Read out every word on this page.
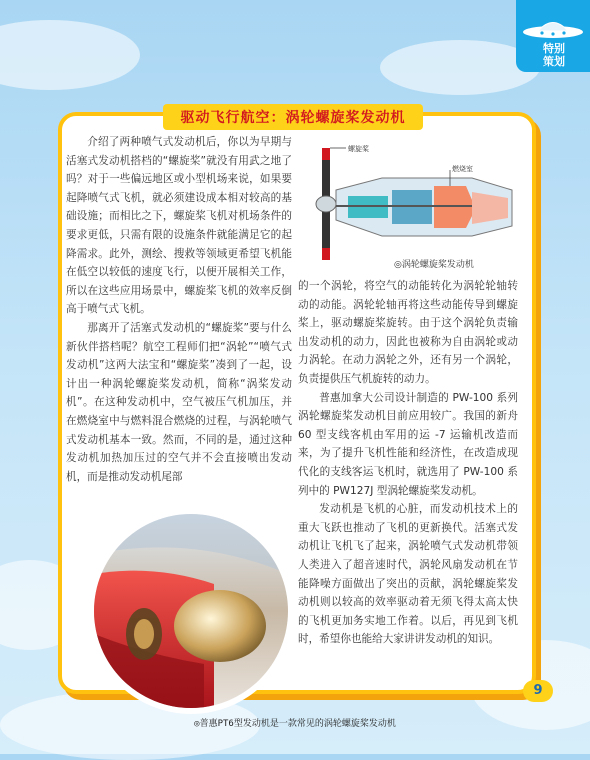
特别
策划
驱动飞行航空：涡轮螺旋桨发动机
螺旋桨
燃烧室
◎涡轮螺旋桨发动机

介绍了两种喷气式发动机后，你以为早期与活塞式发动机搭档的“螺旋桨”就没有用武之地了吗？对于一些偏远地区或小型机场来说，如果要起降喷气式飞机，就必须建设成本相对较高的基础设施；而相比之下，螺旋桨飞机对机场条件的要求更低，只需有限的设施条件就能满足它的起降需求。此外，测绘、搜救等领域更希望飞机能在低空以较低的速度飞行，以便开展相关工作，所以在这些应用场景中，螺旋桨飞机的效率反倒高于喷气式飞机。

那离开了活塞式发动机的“螺旋桨”要与什么新伙伴搭档呢？航空工程师们把“涡轮”“喷气式发动机”这两大法宝和“螺旋桨”凑到了一起，设计出一种涡轮螺旋桨发动机，简称“涡桨发动机”。在这种发动机中，空气被压气机加压，并在燃烧室中与燃料混合燃烧的过程，与涡轮喷气式发动机基本一致。然而，不同的是，通过这种发动机加热加压过的空气并不会直接喷出发动机，而是推动发动机尾部

的一个涡轮，将空气的动能转化为涡轮轮轴转动的动能。涡轮轮轴再将这些动能传导到螺旋桨上，驱动螺旋桨旋转。由于这个涡轮负责输出发动机的动力，因此也被称为自由涡轮或动力涡轮。在动力涡轮之外，还有另一个涡轮，负责提供压气机旋转的动力。

普惠加拿大公司设计制造的 PW-100 系列涡轮螺旋桨发动机目前应用较广。我国的新舟 60 型支线客机由军用的运 -7 运输机改造而来，为了提升飞机性能和经济性，在改造成现代化的支线客运飞机时，就选用了 PW-100 系列中的 PW127J 型涡轮螺旋桨发动机。

发动机是飞机的心脏，而发动机技术上的重大飞跃也推动了飞机的更新换代。活塞式发动机让飞机飞了起来，涡轮喷气式发动机带领人类进入了超音速时代，涡轮风扇发动机在节能降噪方面做出了突出的贡献，涡轮螺旋桨发动机则以较高的效率驱动着无须飞得太高太快的飞机更加务实地工作着。以后，再见到飞机时，希望你也能给大家讲讲发动机的知识。

9
◎普惠PT6型发动机是一款常见的涡轮螺旋桨发动机
